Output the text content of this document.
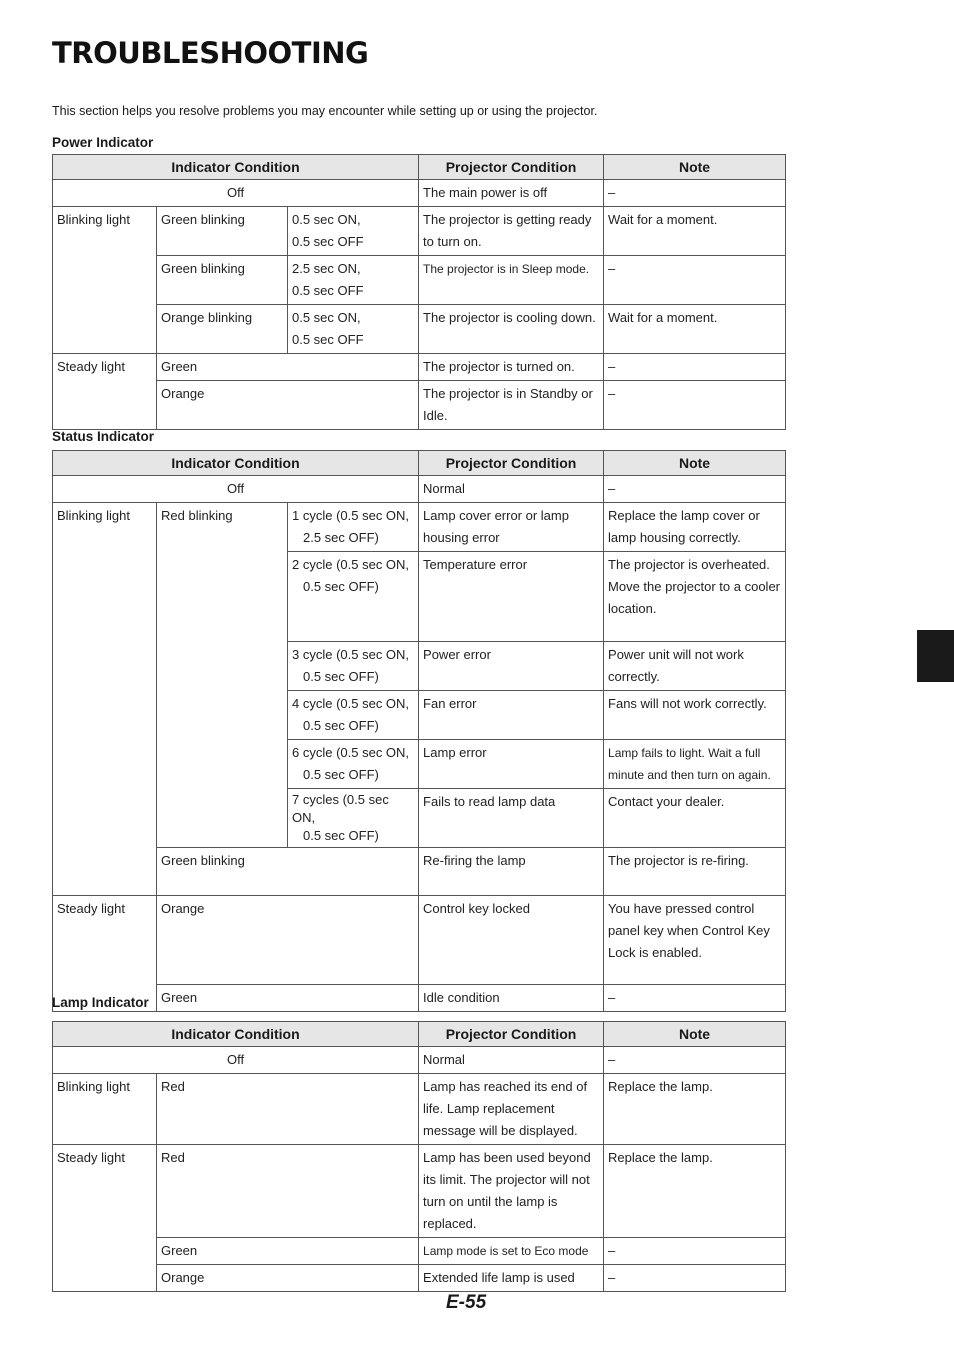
TROUBLESHOOTING

This section helps you resolve problems you may encounter while setting up or using the projector.

Power Indicator

Indicator Condition			Projector Condition	Note
Off			The main power is off	–
Blinking light	Green blinking	0.5 sec ON,
0.5 sec OFF	The projector is getting ready to turn on.	Wait for a moment.
	Green blinking	2.5 sec ON,
0.5 sec OFF	The projector is in Sleep mode.	–
	Orange blinking	0.5 sec ON,
0.5 sec OFF	The projector is cooling down.	Wait for a moment.
Steady light	Green		The projector is turned on.	–
	Orange		The projector is in Standby or Idle.	–

Status Indicator

Indicator Condition			Projector Condition	Note
Off			Normal	–
Blinking light	Red blinking	1 cycle (0.5 sec ON,
2.5 sec OFF)	Lamp cover error or lamp housing error	Replace the lamp cover or lamp housing correctly.
		2 cycle (0.5 sec ON,
0.5 sec OFF)	Temperature error	The projector is overheated. Move the projector to a cooler location.
		3 cycle (0.5 sec ON,
0.5 sec OFF)	Power error	Power unit will not work correctly.
		4 cycle (0.5 sec ON,
0.5 sec OFF)	Fan error	Fans will not work correctly.
		6 cycle (0.5 sec ON,
0.5 sec OFF)	Lamp error	Lamp fails to light. Wait a full minute and then turn on again.
		7 cycles (0.5 sec ON,
0.5 sec OFF)	Fails to read lamp data	Contact your dealer.
	Green blinking		Re-firing the lamp	The projector is re-firing.
Steady light	Orange		Control key locked	You have pressed control panel key when Control Key Lock is enabled.
	Green		Idle condition	–

Lamp Indicator

Indicator Condition		Projector Condition	Note
Off		Normal	–
Blinking light	Red	Lamp has reached its end of life. Lamp replacement message will be displayed.	Replace the lamp.
Steady light	Red	Lamp has been used beyond its limit. The projector will not turn on until the lamp is replaced.	Replace the lamp.
	Green	Lamp mode is set to Eco mode	–
	Orange	Extended life lamp is used	–

E-55
